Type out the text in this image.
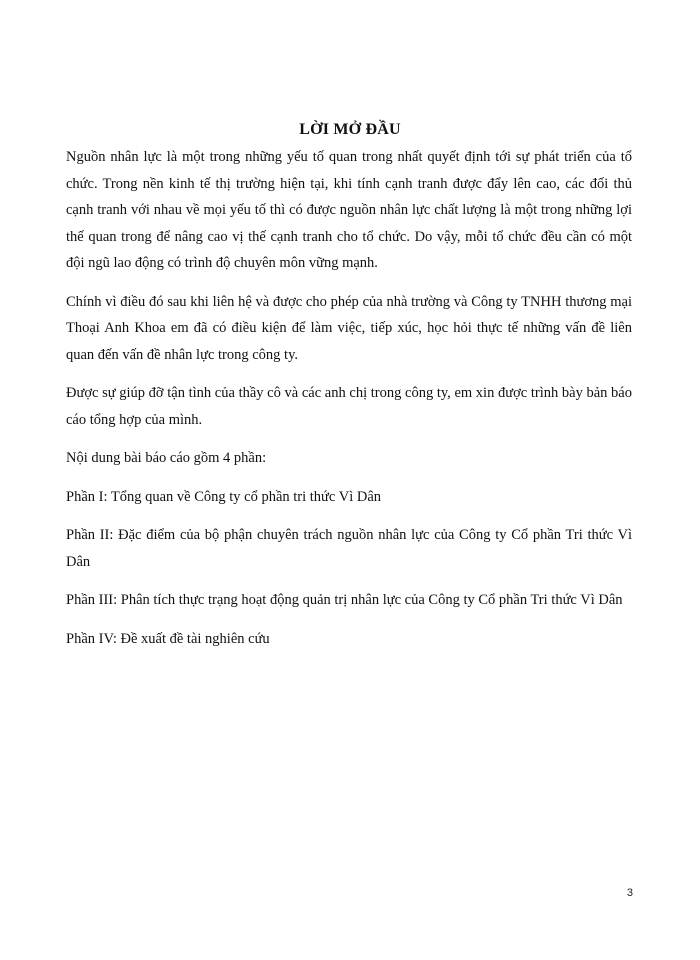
LỜI MỞ ĐẦU

Nguồn nhân lực là một trong những yếu tố quan trong nhất quyết định tới sự phát triển của tổ chức. Trong nền kinh tế thị trường hiện tại, khi tính cạnh tranh được đẩy lên cao, các đối thủ cạnh tranh với nhau về mọi yếu tố thì có được nguồn nhân lực chất lượng là một trong những lợi thế quan trong để nâng cao vị thế cạnh tranh cho tổ chức. Do vậy, mỗi tổ chức đều cần có một đội ngũ lao động có trình độ chuyên môn vững mạnh.

Chính vì điều đó sau khi liên hệ và được cho phép của nhà trường và Công ty TNHH thương mại Thoại Anh Khoa em đã có điều kiện để làm việc, tiếp xúc, học hỏi thực tế những vấn đề liên quan đến vấn đề nhân lực trong công ty.

Được sự giúp đỡ tận tình của thầy cô và các anh chị trong công ty, em xin được trình bày bản báo cáo tổng hợp của mình.

Nội dung bài báo cáo gồm 4 phần:

Phần I: Tổng quan về Công ty cổ phần tri thức Vì Dân

Phần II: Đặc điểm của bộ phận chuyên trách nguồn nhân lực của Công ty Cổ phần Tri thức Vì Dân

Phần III: Phân tích thực trạng hoạt động quản trị nhân lực của Công ty Cổ phần Tri thức Vì Dân

Phần IV: Đề xuất đề tài nghiên cứu

3
